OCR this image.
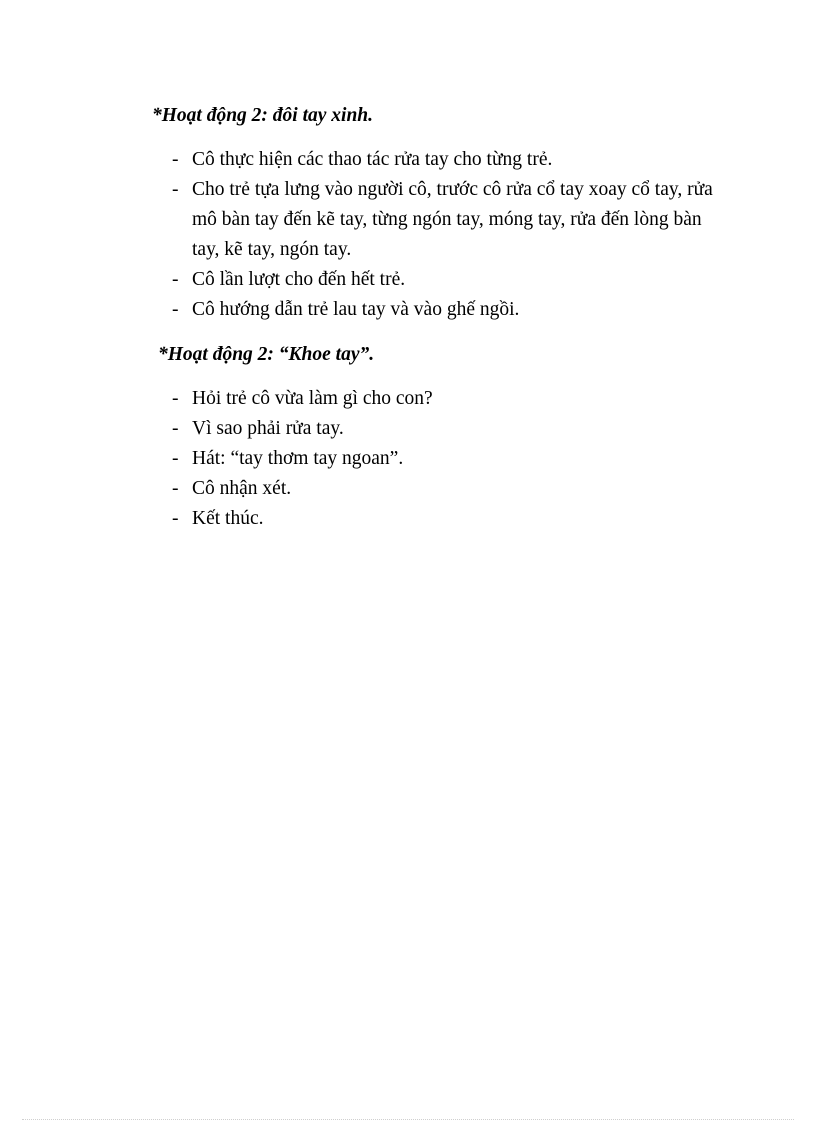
*Hoạt động 2: đôi tay xinh.
- Cô thực hiện các thao tác rửa tay cho từng trẻ.
- Cho trẻ tựa lưng vào người cô, trước cô rửa cổ tay xoay cổ tay, rửa mô bàn tay đến kẽ tay, từng ngón tay, móng tay, rửa đến lòng bàn tay, kẽ tay, ngón tay.
- Cô lần lượt cho đến hết trẻ.
- Cô hướng dẫn trẻ lau tay và vào ghế ngồi.
*Hoạt động 2: “Khoe tay”.
- Hỏi trẻ cô vừa làm gì cho con?
- Vì sao phải rửa tay.
- Hát: “tay thơm tay ngoan”.
- Cô nhận xét.
- Kết thúc.
